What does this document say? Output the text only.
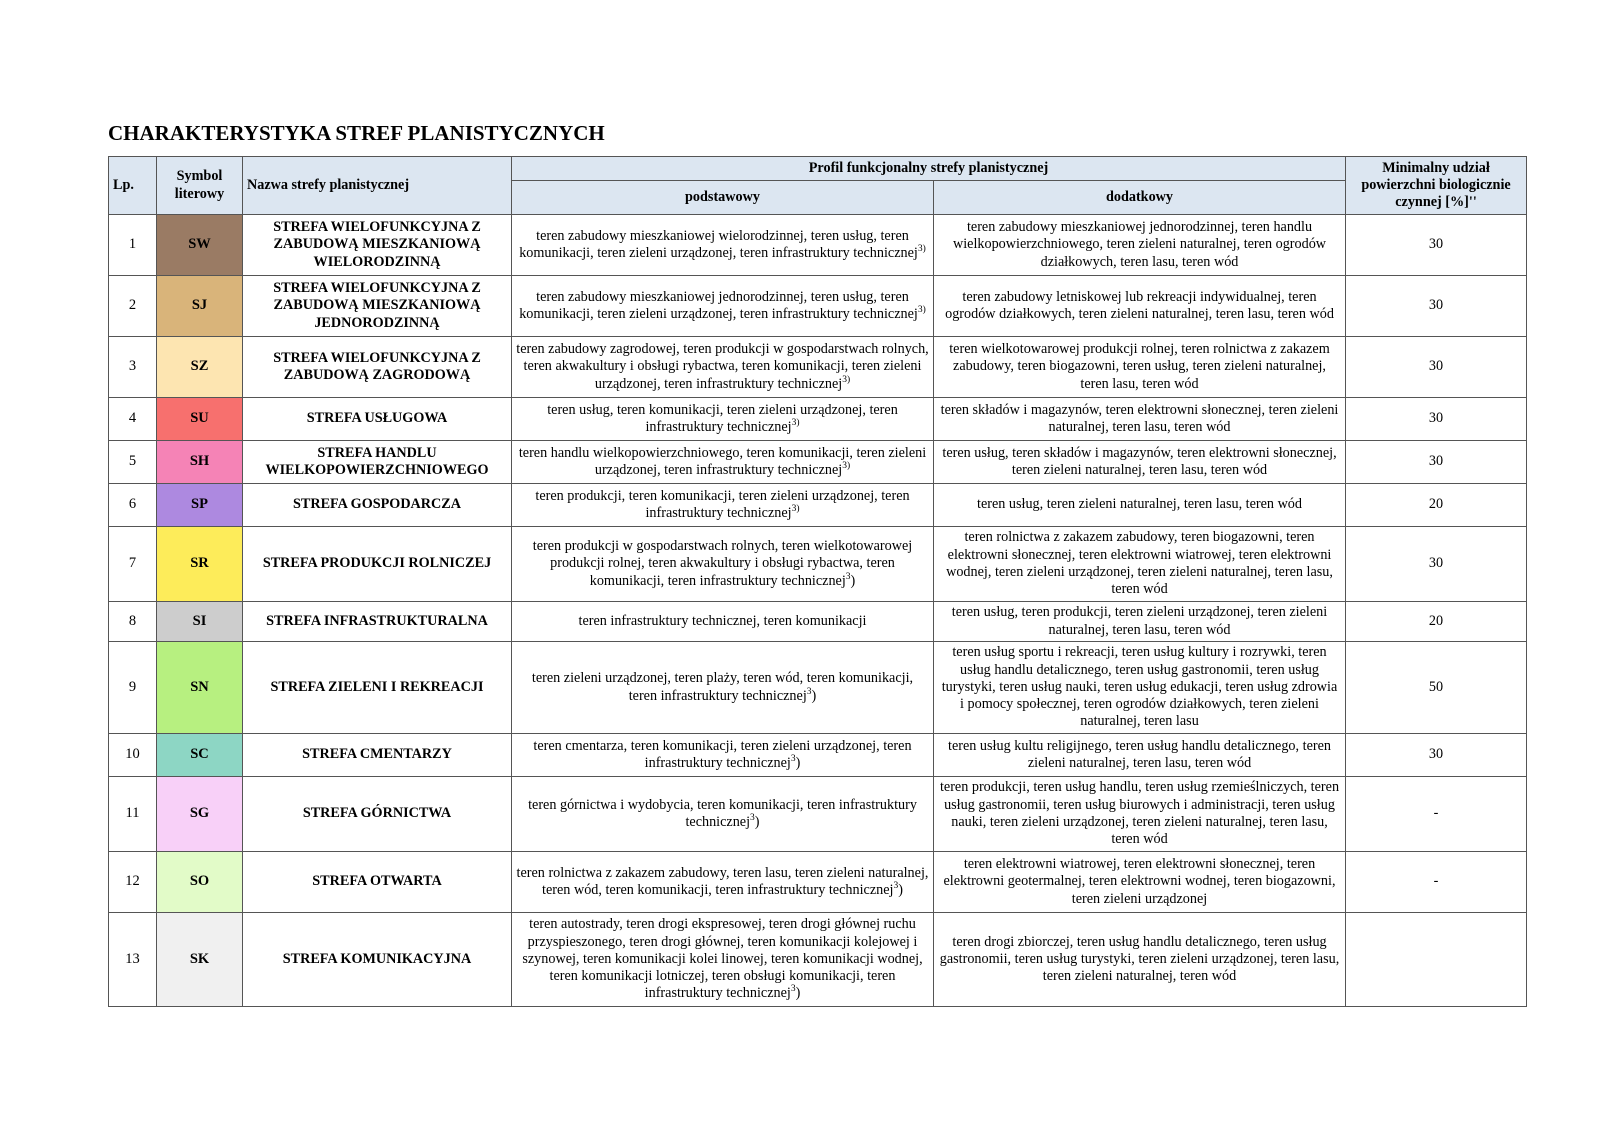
CHARAKTERYSTYKA STREF PLANISTYCZNYCH
Lp.	Symbol literowy	Nazwa strefy planistycznej	Profil funkcjonalny strefy planistycznej		Minimalny udział powierzchni biologicznie czynnej [%]''
			podstawowy	dodatkowy	
1	SW	STREFA WIELOFUNKCYJNA Z ZABUDOWĄ MIESZKANIOWĄ WIELORODZINNĄ	teren zabudowy mieszkaniowej wielorodzinnej, teren usług, teren komunikacji, teren zieleni urządzonej, teren infrastruktury technicznej$^{3)}$	teren zabudowy mieszkaniowej jednorodzinnej, teren handlu wielkopowierzchniowego, teren zieleni naturalnej, teren ogrodów działkowych, teren lasu, teren wód	30
2	SJ	STREFA WIELOFUNKCYJNA Z ZABUDOWĄ MIESZKANIOWĄ JEDNORODZINNĄ	teren zabudowy mieszkaniowej jednorodzinnej, teren usług, teren komunikacji, teren zieleni urządzonej, teren infrastruktury technicznej$^{3)}$	teren zabudowy letniskowej lub rekreacji indywidualnej, teren ogrodów działkowych, teren zieleni naturalnej, teren lasu, teren wód	30
3	SZ	STREFA WIELOFUNKCYJNA Z ZABUDOWĄ ZAGRODOWĄ	teren zabudowy zagrodowej, teren produkcji w gospodarstwach rolnych, teren akwakultury i obsługi rybactwa, teren komunikacji, teren zieleni urządzonej, teren infrastruktury technicznej$^{3)}$	teren wielkotowarowej produkcji rolnej, teren rolnictwa z zakazem zabudowy, teren biogazowni, teren usług, teren zieleni naturalnej, teren lasu, teren wód	30
4	SU	STREFA USŁUGOWA	teren usług, teren komunikacji, teren zieleni urządzonej, teren infrastruktury technicznej$^{3)}$	teren składów i magazynów, teren elektrowni słonecznej, teren zieleni naturalnej, teren lasu, teren wód	30
5	SH	STREFA HANDLU WIELKOPOWIERZCHNIOWEGO	teren handlu wielkopowierzchniowego, teren komunikacji, teren zieleni urządzonej, teren infrastruktury technicznej$^{3)}$	teren usług, teren składów i magazynów, teren elektrowni słonecznej, teren zieleni naturalnej, teren lasu, teren wód	30
6	SP	STREFA GOSPODARCZA	teren produkcji, teren komunikacji, teren zieleni urządzonej, teren infrastruktury technicznej$^{3)}$	teren usług, teren zieleni naturalnej, teren lasu, teren wód	20
7	SR	STREFA PRODUKCJI ROLNICZEJ	teren produkcji w gospodarstwach rolnych, teren wielkotowarowej produkcji rolnej, teren akwakultury i obsługi rybactwa, teren komunikacji, teren infrastruktury technicznej$^3$)	teren rolnictwa z zakazem zabudowy, teren biogazowni, teren elektrowni słonecznej, teren elektrowni wiatrowej, teren elektrowni wodnej, teren zieleni urządzonej, teren zieleni naturalnej, teren lasu, teren wód	30
8	SI	STREFA INFRASTRUKTURALNA	teren infrastruktury technicznej, teren komunikacji	teren usług, teren produkcji, teren zieleni urządzonej, teren zieleni naturalnej, teren lasu, teren wód	20
9	SN	STREFA ZIELENI I REKREACJI	teren zieleni urządzonej, teren plaży, teren wód, teren komunikacji, teren infrastruktury technicznej$^3$)	teren usług sportu i rekreacji, teren usług kultury i rozrywki, teren usług handlu detalicznego, teren usług gastronomii, teren usług turystyki, teren usług nauki, teren usług edukacji, teren usług zdrowia i pomocy społecznej, teren ogrodów działkowych, teren zieleni naturalnej, teren lasu	50
10	SC	STREFA CMENTARZY	teren cmentarza, teren komunikacji, teren zieleni urządzonej, teren infrastruktury technicznej$^3$)	teren usług kultu religijnego, teren usług handlu detalicznego, teren zieleni naturalnej, teren lasu, teren wód	30
11	SG	STREFA GÓRNICTWA	teren górnictwa i wydobycia, teren komunikacji, teren infrastruktury technicznej$^3$)	teren produkcji, teren usług handlu, teren usług rzemieślniczych, teren usług gastronomii, teren usług biurowych i administracji, teren usług nauki, teren zieleni urządzonej, teren zieleni naturalnej, teren lasu, teren wód	-
12	SO	STREFA OTWARTA	teren rolnictwa z zakazem zabudowy, teren lasu, teren zieleni naturalnej, teren wód, teren komunikacji, teren infrastruktury technicznej$^3$)	teren elektrowni wiatrowej, teren elektrowni słonecznej, teren elektrowni geotermalnej, teren elektrowni wodnej, teren biogazowni, teren zieleni urządzonej	-
13	SK	STREFA KOMUNIKACYJNA	teren autostrady, teren drogi ekspresowej, teren drogi głównej ruchu przyspieszonego, teren drogi głównej, teren komunikacji kolejowej i szynowej, teren komunikacji kolei linowej, teren komunikacji wodnej, teren komunikacji lotniczej, teren obsługi komunikacji, teren infrastruktury technicznej$^3$)	teren drogi zbiorczej, teren usług handlu detalicznego, teren usług gastronomii, teren usług turystyki, teren zieleni urządzonej, teren lasu, teren zieleni naturalnej, teren wód	
